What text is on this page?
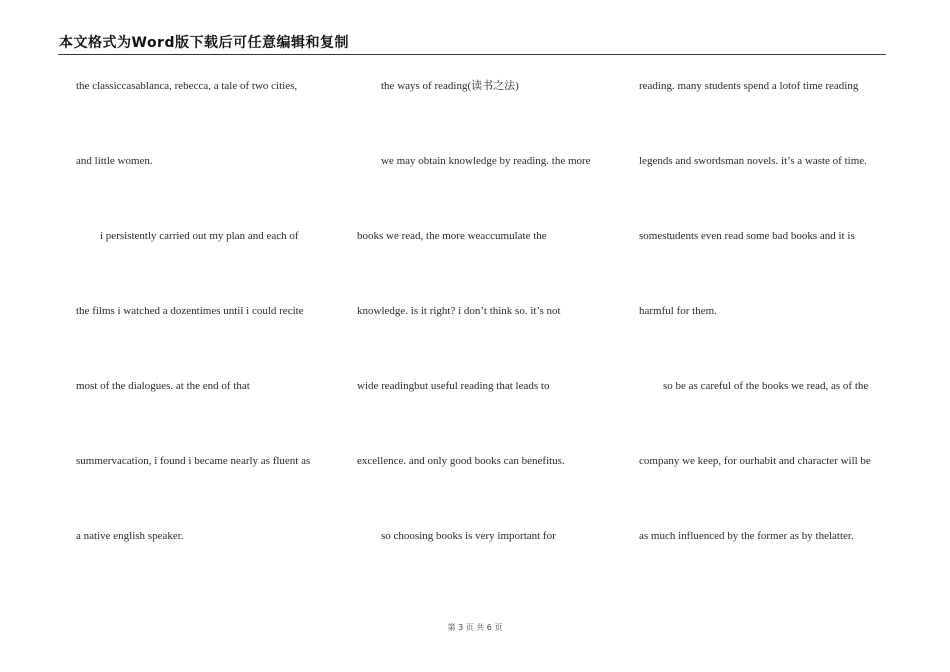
本文格式为Word版下载后可任意编辑和复制
the classiccasablanca, rebecca, a tale of two cities,
and little women.
i persistently carried out my plan and each of
the films i watched a dozentimes until i could recite
most of the dialogues. at the end of that
summervacation, i found i became nearly as fluent as
a native english speaker.
the ways of reading(读书之法)
we may obtain knowledge by reading. the more
books we read, the more weaccumulate the
knowledge. is it right? i don’t think so. it’s not
wide readingbut useful reading that leads to
excellence. and only good books can benefitus.
so choosing books is very important for
reading. many students spend a lotof time reading
legends and swordsman novels. it’s a waste of time.
somestudents even read some bad books and it is
harmful for them.
so be as careful of the books we read, as of the
company we keep, for ourhabit and character will be
as much influenced by the former as by thelatter.
第 3 页 共 6 页
